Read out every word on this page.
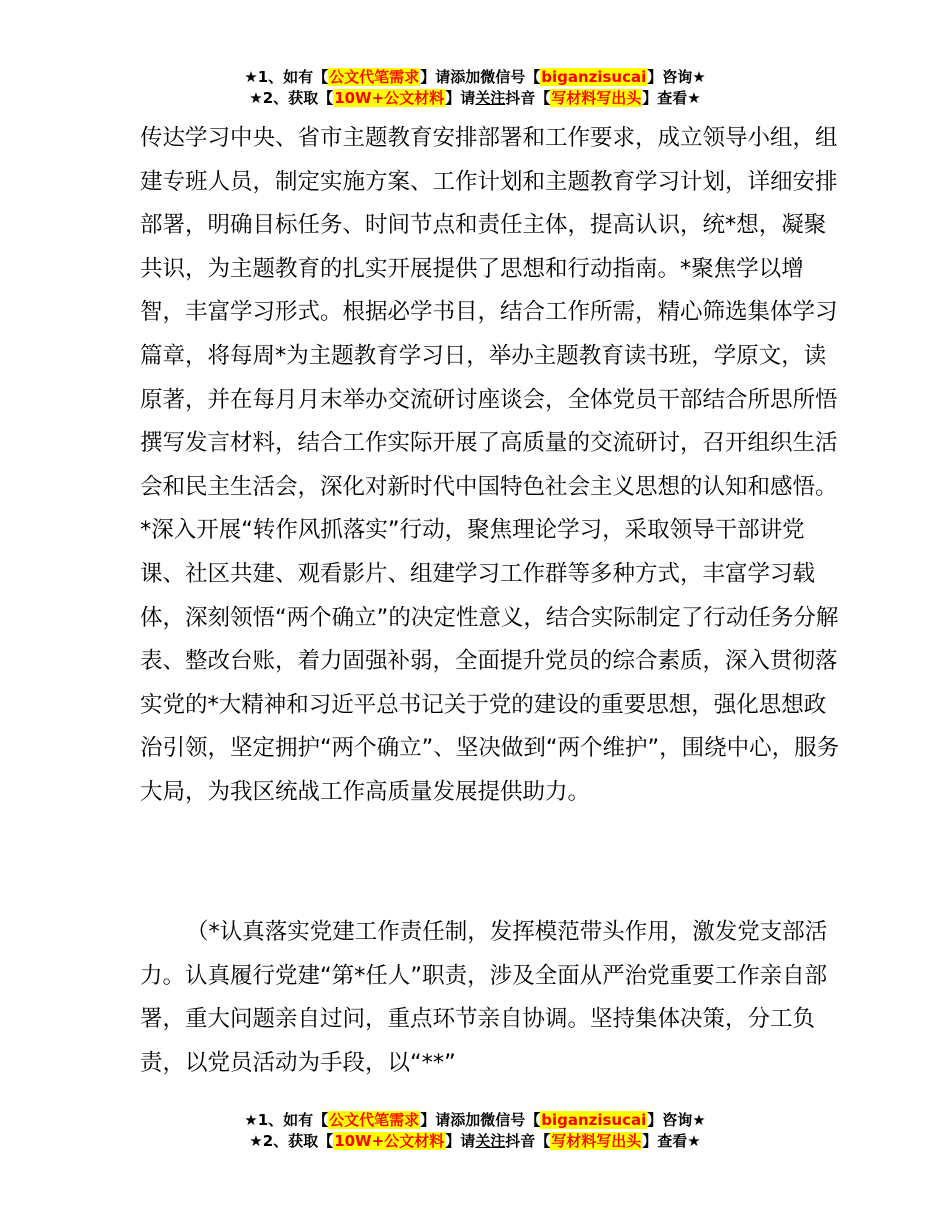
★1、如有【公文代笔需求】请添加微信号【biganzisucai】咨询★
★2、获取【10W+公文材料】请关注抖音【写材料写出头】查看★

传达学习中央、省市主题教育安排部署和工作要求，成立领导小组，组建专班人员，制定实施方案、工作计划和主题教育学习计划，详细安排部署，明确目标任务、时间节点和责任主体，提高认识，统*想，凝聚共识，为主题教育的扎实开展提供了思想和行动指南。*聚焦学以增智，丰富学习形式。根据必学书目，结合工作所需，精心筛选集体学习篇章，将每周*为主题教育学习日，举办主题教育读书班，学原文，读原著，并在每月月末举办交流研讨座谈会，全体党员干部结合所思所悟撰写发言材料，结合工作实际开展了高质量的交流研讨，召开组织生活会和民主生活会，深化对新时代中国特色社会主义思想的认知和感悟。*深入开展“转作风抓落实”行动，聚焦理论学习，采取领导干部讲党课、社区共建、观看影片、组建学习工作群等多种方式，丰富学习载体，深刻领悟“两个确立”的决定性意义，结合实际制定了行动任务分解表、整改台账，着力固强补弱，全面提升党员的综合素质，深入贯彻落实党的*大精神和习近平总书记关于党的建设的重要思想，强化思想政治引领，坚定拥护“两个确立”、坚决做到“两个维护”，围绕中心，服务大局，为我区统战工作高质量发展提供助力。

（*认真落实党建工作责任制，发挥模范带头作用，激发党支部活力。认真履行党建“第*任人”职责，涉及全面从严治党重要工作亲自部署，重大问题亲自过问，重点环节亲自协调。坚持集体决策，分工负责，以党员活动为手段，以“**”

★1、如有【公文代笔需求】请添加微信号【biganzisucai】咨询★
★2、获取【10W+公文材料】请关注抖音【写材料写出头】查看★
